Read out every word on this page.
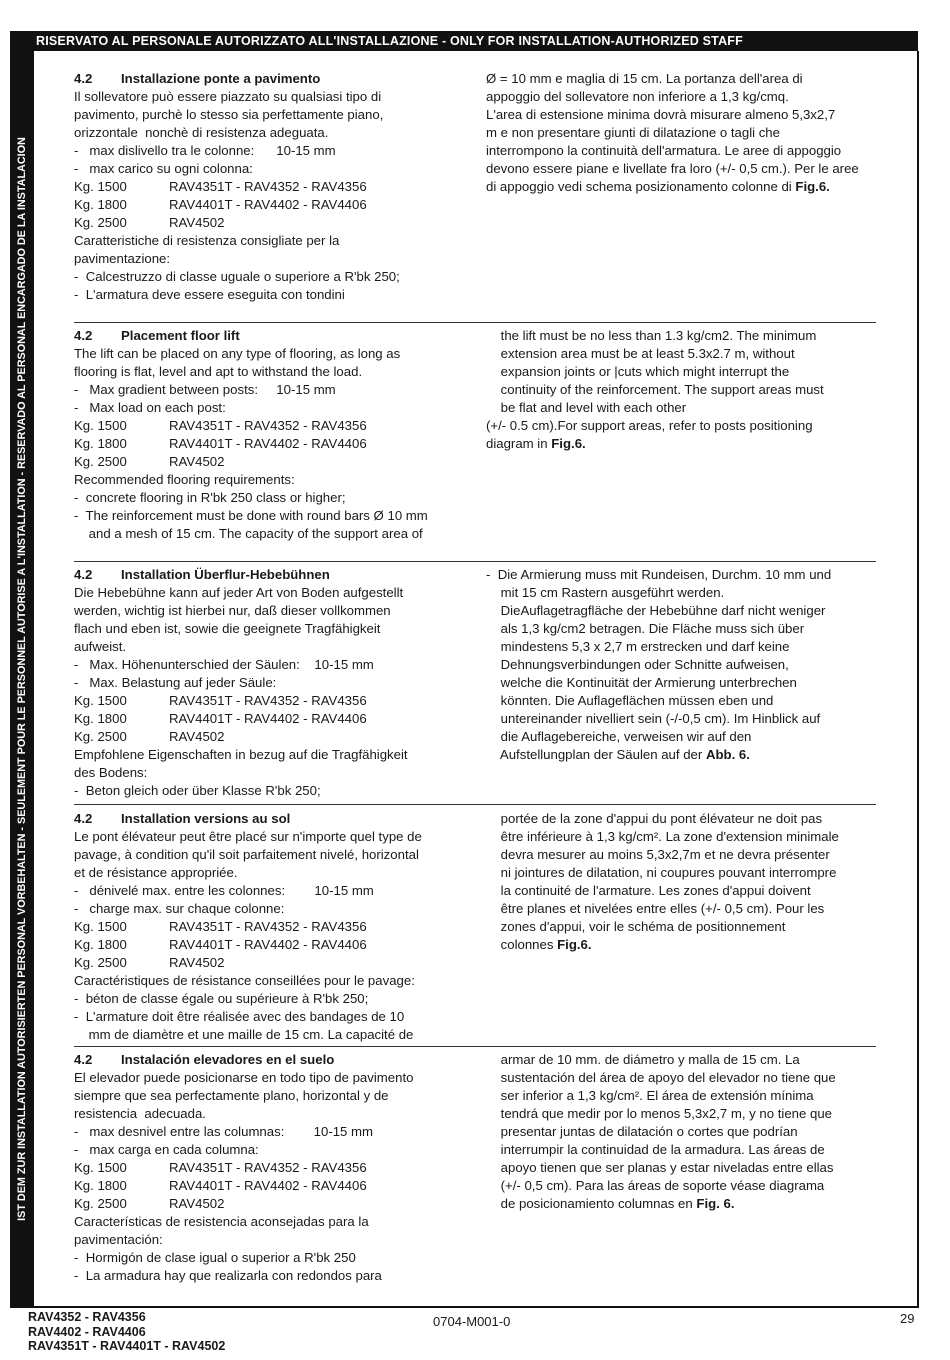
RISERVATO AL PERSONALE AUTORIZZATO ALL'INSTALLAZIONE - ONLY FOR INSTALLATION-AUTHORIZED STAFF
IST DEM ZUR INSTALLATION AUTORISIERTEN PERSONAL VORBEHALTEN - SEULEMENT POUR LE PERSONNEL AUTORISE A L'INSTALLATION - RESERVADO AL PERSONAL ENCARGADO DE LA INSTALACION
4.2 Installazione ponte a pavimento
Il sollevatore può essere piazzato su qualsiasi tipo di
pavimento, purchè lo stesso sia perfettamente piano,
orizzontale  nonchè di resistenza adeguata.
-   max dislivello tra le colonne:      10-15 mm
-   max carico su ogni colonna:
Kg. 1500	RAV4351T - RAV4352 - RAV4356
Kg. 1800	RAV4401T - RAV4402 - RAV4406
Kg. 2500	RAV4502
Caratteristiche di resistenza consigliate per la
pavimentazione:
-  Calcestruzzo di classe uguale o superiore a R'bk 250;
-  L'armatura deve essere eseguita con tondini
Ø = 10 mm e maglia di 15 cm. La portanza dell'area di
appoggio del sollevatore non inferiore a 1,3 kg/cmq.
L'area di estensione minima dovrà misurare almeno 5,3x2,7
m e non presentare giunti di dilatazione o tagli che
interrompono la continuità dell'armatura. Le aree di appoggio
devono essere piane e livellate fra loro (+/- 0,5 cm.). Per le aree
di appoggio vedi schema posizionamento colonne di Fig.6.
4.2 Placement floor lift
The lift can be placed on any type of flooring, as long as
flooring is flat, level and apt to withstand the load.
-   Max gradient between posts:     10-15 mm
-   Max load on each post:
Kg. 1500	RAV4351T - RAV4352 - RAV4356
Kg. 1800	RAV4401T - RAV4402 - RAV4406
Kg. 2500	RAV4502
Recommended flooring requirements:
-  concrete flooring in R'bk 250 class or higher;
-  The reinforcement must be done with round bars Ø 10 mm
and a mesh of 15 cm. The capacity of the support area of
the lift must be no less than 1.3 kg/cm2. The minimum
extension area must be at least 5.3x2.7 m, without
expansion joints or |cuts which might interrupt the
continuity of the reinforcement. The support areas must
be flat and level with each other
(+/- 0.5 cm).For support areas, refer to posts positioning
diagram in Fig.6.
4.2 Installation Überflur-Hebebühnen
Die Hebebühne kann auf jeder Art von Boden aufgestellt
werden, wichtig ist hierbei nur, daß dieser vollkommen
flach und eben ist, sowie die geeignete Tragfähigkeit
aufweist.
-   Max. Höhenunterschied der Säulen:    10-15 mm
-   Max. Belastung auf jeder Säule:
Kg. 1500	RAV4351T - RAV4352 - RAV4356
Kg. 1800	RAV4401T - RAV4402 - RAV4406
Kg. 2500	RAV4502
Empfohlene Eigenschaften in bezug auf die Tragfähigkeit
des Bodens:
-  Beton gleich oder über Klasse R'bk 250;
-  Die Armierung muss mit Rundeisen, Durchm. 10 mm und
mit 15 cm Rastern ausgeführt werden.
DieAuflagetragfläche der Hebebühne darf nicht weniger
als 1,3 kg/cm2 betragen. Die Fläche muss sich über
mindestens 5,3 x 2,7 m erstrecken und darf keine
Dehnungsverbindungen oder Schnitte aufweisen,
welche die Kontinuität der Armierung unterbrechen
könnten. Die Auflageflächen müssen eben und
untereinander nivelliert sein (-/-0,5 cm). Im Hinblick auf
die Auflagebereiche, verweisen wir auf den
Aufstellungplan der Säulen auf der Abb. 6.
4.2 Installation versions au sol
Le pont élévateur peut être placé sur n'importe quel type de
pavage, à condition qu'il soit parfaitement nivelé, horizontal
et de résistance appropriée.
-   dénivelé max. entre les colonnes:        10-15 mm
-   charge max. sur chaque colonne:
Kg. 1500	RAV4351T - RAV4352 - RAV4356
Kg. 1800	RAV4401T - RAV4402 - RAV4406
Kg. 2500	RAV4502
Caractéristiques de résistance conseillées pour le pavage:
-  béton de classe égale ou supérieure à R'bk 250;
-  L'armature doit être réalisée avec des bandages de 10
mm de diamètre et une maille de 15 cm. La capacité de
portée de la zone d'appui du pont élévateur ne doit pas
être inférieure à 1,3 kg/cm². La zone d'extension minimale
devra mesurer au moins 5,3x2,7m et ne devra présenter
ni jointures de dilatation, ni coupures pouvant interrompre
la continuité de l'armature. Les zones d'appui doivent
être planes et nivelées entre elles (+/- 0,5 cm). Pour les
zones d'appui, voir le schéma de positionnement
colonnes Fig.6.
4.2 Instalación elevadores en el suelo
El elevador puede posicionarse en todo tipo de pavimento
siempre que sea perfectamente plano, horizontal y de
resistencia  adecuada.
-   max desnivel entre las columnas:        10-15 mm
-   max carga en cada columna:
Kg. 1500	RAV4351T - RAV4352 - RAV4356
Kg. 1800	RAV4401T - RAV4402 - RAV4406
Kg. 2500	RAV4502
Características de resistencia aconsejadas para la
pavimentación:
-  Hormigón de clase igual o superior a R'bk 250
-  La armadura hay que realizarla con redondos para
armar de 10 mm. de diámetro y malla de 15 cm. La
sustentación del área de apoyo del elevador no tiene que
ser inferior a 1,3 kg/cm². El área de extensión mínima
tendrá que medir por lo menos 5,3x2,7 m, y no tiene que
presentar juntas de dilatación o cortes que podrían
interrumpir la continuidad de la armadura. Las áreas de
apoyo tienen que ser planas y estar niveladas entre ellas
(+/- 0,5 cm). Para las áreas de soporte véase diagrama
de posicionamiento columnas en Fig. 6.
RAV4352 - RAV4356
RAV4402 - RAV4406
RAV4351T - RAV4401T - RAV4502
0704-M001-0	29
